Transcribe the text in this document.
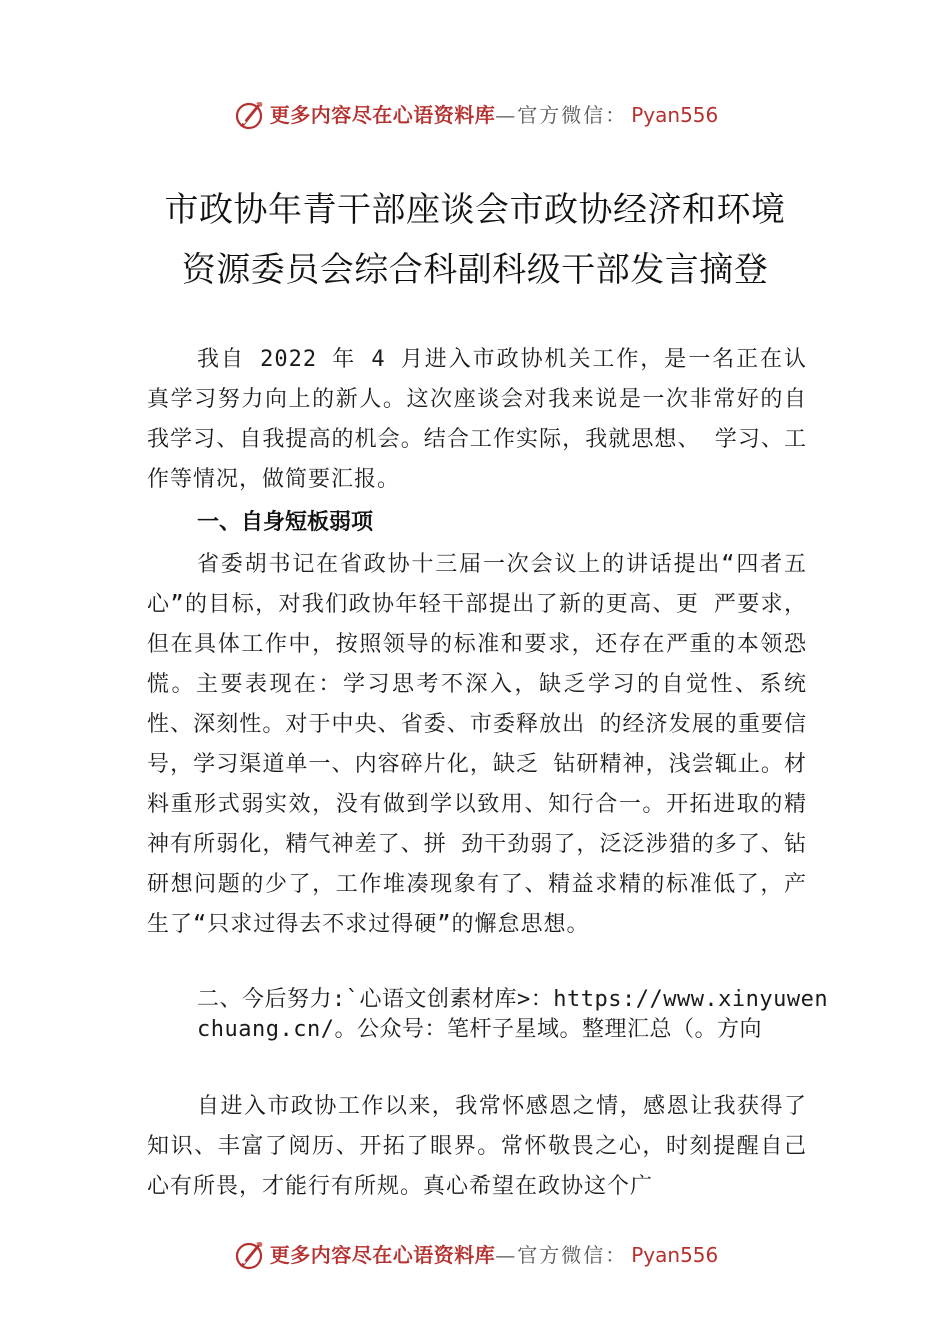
更多内容尽在心语资料库 — 官方微信： Pyan556
市政协年青干部座谈会市政协经济和环境
资源委员会综合科副科级干部发言摘登

我自 2022 年 4 月进入市政协机关工作，是一名正在认真学习努力向上的新人。这次座谈会对我来说是一次非常好的自我学习、自我提高的机会。结合工作实际，我就思想、 学习、工作等情况，做简要汇报。

一、自身短板弱项

省委胡书记在省政协十三届一次会议上的讲话提出“四者五心”的目标，对我们政协年轻干部提出了新的更高、更 严要求，但在具体工作中，按照领导的标准和要求，还存在严重的本领恐慌。主要表现在：学习思考不深入，缺乏学习的自觉性、系统性、深刻性。对于中央、省委、市委释放出 的经济发展的重要信号，学习渠道单一、内容碎片化，缺乏 钻研精神，浅尝辄止。材料重形式弱实效，没有做到学以致用、知行合一。开拓进取的精神有所弱化，精气神差了、拼 劲干劲弱了，泛泛涉猎的多了、钻研想问题的少了，工作堆凑现象有了、精益求精的标准低了，产生了“只求过得去不求过得硬”的懈怠思想。

二、今后努力:`心语文创素材库>：https://www.xinyuwenchuang.cn/。公众号：笔杆子星域。整理汇总（。方向

自进入市政协工作以来，我常怀感恩之情，感恩让我获得了知识、丰富了阅历、开拓了眼界。常怀敬畏之心，时刻提醒自己心有所畏，才能行有所规。真心希望在政协这个广

更多内容尽在心语资料库 — 官方微信： Pyan556
